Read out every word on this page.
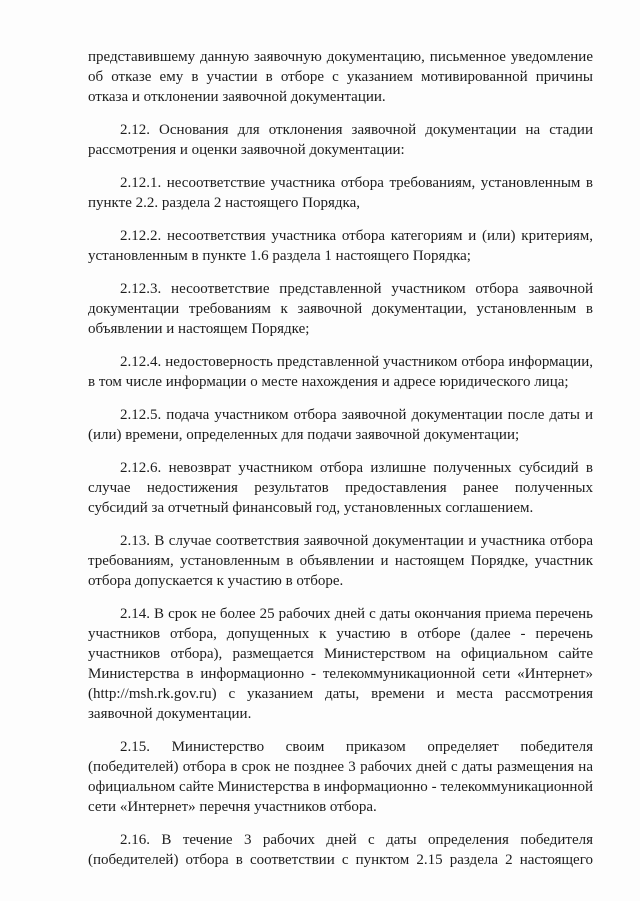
представившему данную заявочную документацию, письменное уведомление об отказе ему в участии в отборе с указанием мотивированной причины отказа и отклонении заявочной документации.

2.12. Основания для отклонения заявочной документации на стадии рассмотрения и оценки заявочной документации:

2.12.1. несоответствие участника отбора требованиям, установленным в пункте 2.2. раздела 2 настоящего Порядка,

2.12.2. несоответствия участника отбора категориям и (или) критериям, установленным в пункте 1.6 раздела 1 настоящего Порядка;

2.12.3. несоответствие представленной участником отбора заявочной документации требованиям к заявочной документации, установленным в объявлении и настоящем Порядке;

2.12.4. недостоверность представленной участником отбора информации, в том числе информации о месте нахождения и адресе юридического лица;

2.12.5. подача участником отбора заявочной документации после даты и (или) времени, определенных для подачи заявочной документации;

2.12.6. невозврат участником отбора излишне полученных субсидий в случае недостижения результатов предоставления ранее полученных субсидий за отчетный финансовый год, установленных соглашением.

2.13. В случае соответствия заявочной документации и участника отбора требованиям, установленным в объявлении и настоящем Порядке, участник отбора допускается к участию в отборе.

2.14. В срок не более 25 рабочих дней с даты окончания приема перечень участников отбора, допущенных к участию в отборе (далее - перечень участников отбора), размещается Министерством на официальном сайте Министерства в информационно - телекоммуникационной сети «Интернет» (http://msh.rk.gov.ru) с указанием даты, времени и места рассмотрения заявочной документации.

2.15. Министерство своим приказом определяет победителя (победителей) отбора в срок не позднее 3 рабочих дней с даты размещения на официальном сайте Министерства в информационно - телекоммуникационной сети «Интернет» перечня участников отбора.

2.16. В течение 3 рабочих дней с даты определения победителя (победителей) отбора в соответствии с пунктом 2.15 раздела 2 настоящего
